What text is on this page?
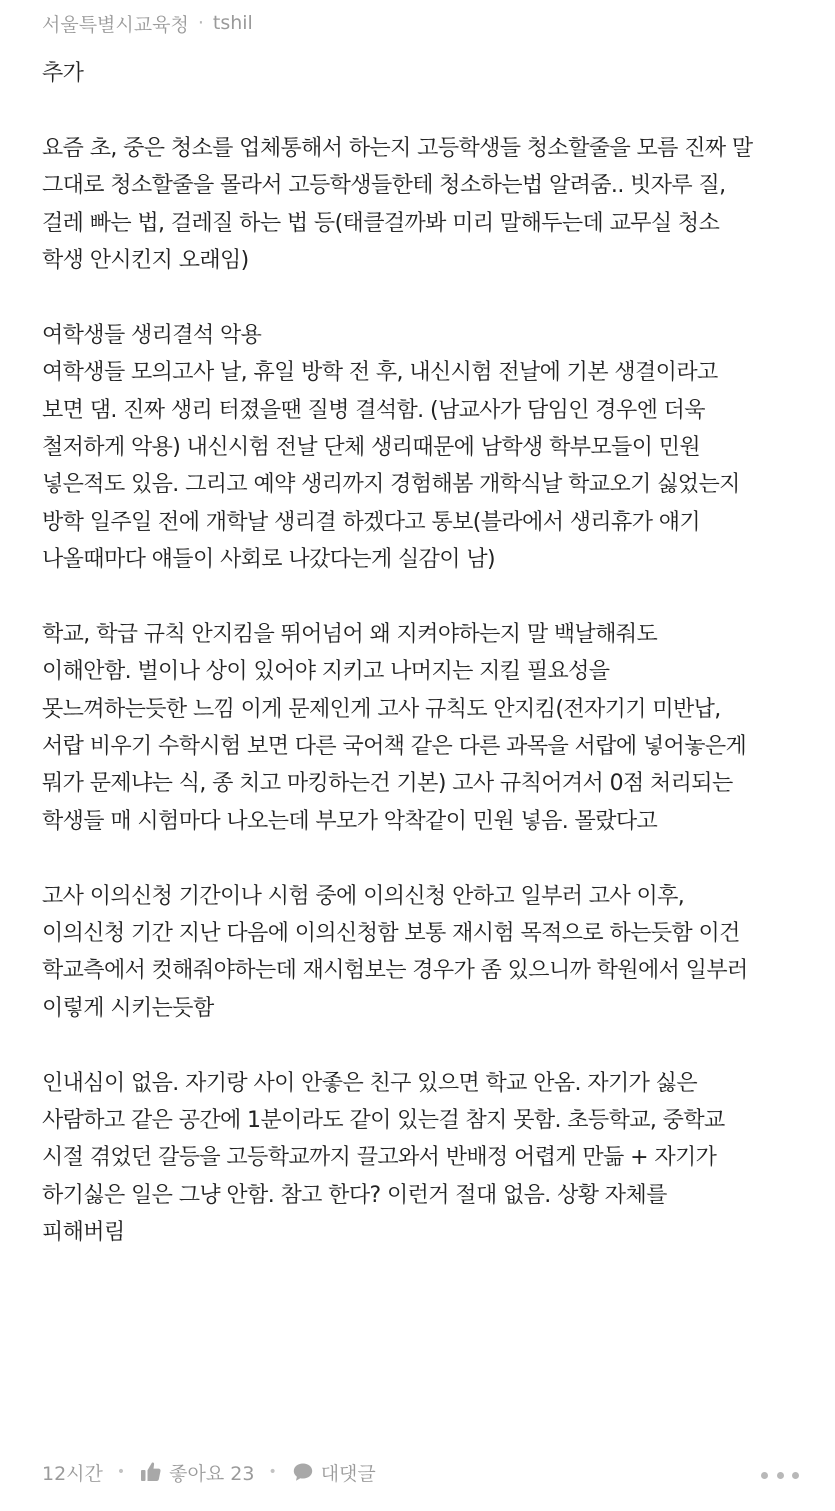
서울특별시교육청 · tshil
추가
요즘 초, 중은 청소를 업체통해서 하는지 고등학생들 청소할줄을 모름 진짜 말
그대로 청소할줄을 몰라서 고등학생들한테 청소하는법 알려줌.. 빗자루 질,
걸레 빠는 법, 걸레질 하는 법 등(태클걸까봐 미리 말해두는데 교무실 청소
학생 안시킨지 오래임)
여학생들 생리결석 악용
여학생들 모의고사 날, 휴일 방학 전 후, 내신시험 전날에 기본 생결이라고
보면 댐. 진짜 생리 터졌을땐 질병 결석함. (남교사가 담임인 경우엔 더욱
철저하게 악용) 내신시험 전날 단체 생리때문에 남학생 학부모들이 민원
넣은적도 있음. 그리고 예약 생리까지 경험해봄 개학식날 학교오기 싫었는지
방학 일주일 전에 개학날 생리결 하겠다고 통보(블라에서 생리휴가 얘기
나올때마다 얘들이 사회로 나갔다는게 실감이 남)
학교, 학급 규칙 안지킴을 뛰어넘어 왜 지켜야하는지 말 백날해줘도
이해안함. 벌이나 상이 있어야 지키고 나머지는 지킬 필요성을
못느껴하는듯한 느낌 이게 문제인게 고사 규칙도 안지킴(전자기기 미반납,
서랍 비우기 수학시험 보면 다른 국어책 같은 다른 과목을 서랍에 넣어놓은게
뭐가 문제냐는 식, 종 치고 마킹하는건 기본) 고사 규칙어겨서 0점 처리되는
학생들 매 시험마다 나오는데 부모가 악착같이 민원 넣음. 몰랐다고
고사 이의신청 기간이나 시험 중에 이의신청 안하고 일부러 고사 이후,
이의신청 기간 지난 다음에 이의신청함 보통 재시험 목적으로 하는듯함 이건
학교측에서 컷해줘야하는데 재시험보는 경우가 좀 있으니까 학원에서 일부러
이렇게 시키는듯함
인내심이 없음. 자기랑 사이 안좋은 친구 있으면 학교 안옴. 자기가 싫은
사람하고 같은 공간에 1분이라도 같이 있는걸 참지 못함. 초등학교, 중학교
시절 겪었던 갈등을 고등학교까지 끌고와서 반배정 어렵게 만듦 + 자기가
하기싫은 일은 그냥 안함. 참고 한다? 이런거 절대 없음. 상황 자체를
피해버림
12시간 • 좋아요 23 • 대댓글
